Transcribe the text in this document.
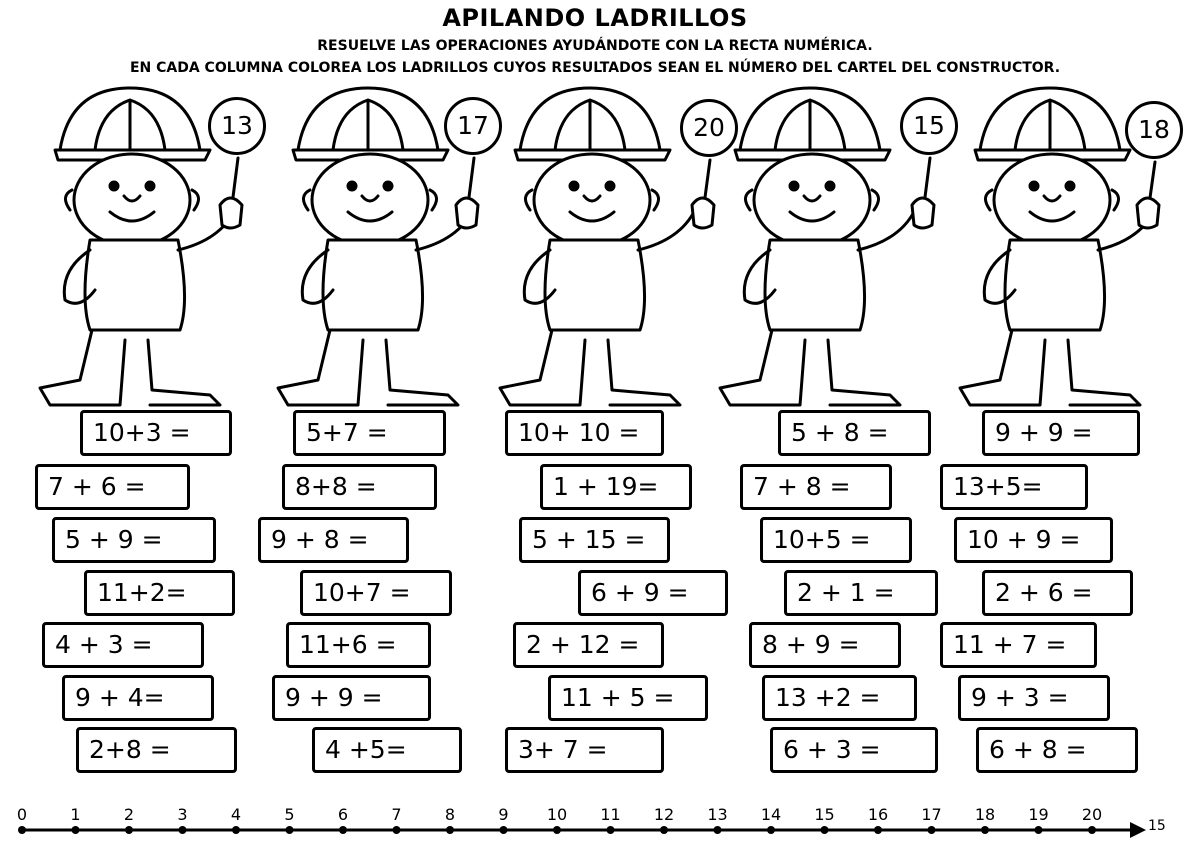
APILANDO LADRILLOS
RESUELVE LAS OPERACIONES AYUDÁNDOTE CON LA RECTA NUMÉRICA.
EN CADA COLUMNA COLOREA LOS LADRILLOS CUYOS RESULTADOS SEAN EL NÚMERO DEL CARTEL DEL CONSTRUCTOR.
13	17	20	15	18
10+3 =
7 + 6 =
5 + 9 =
11+2=
4 + 3 =
9 + 4=
2+8 =
5+7 =
8+8 =
9 + 8 =
10+7 =
11+6 =
9 + 9 =
4 +5=
10+ 10 =
1 + 19=
5 + 15 =
6 + 9 =
2 + 12 =
11 + 5 =
3+ 7 =
5 + 8 =
7 + 8 =
10+5 =
2 + 1 =
8 + 9 =
13 +2 =
6 + 3 =
9 + 9 =
13+5=
10 + 9 =
2 + 6 =
11 + 7 =
9 + 3 =
6 + 8 =
0	1	2	3	4	5	6	7	8	9 10 11 12 13 14 15 16 17 18 19 20
15
